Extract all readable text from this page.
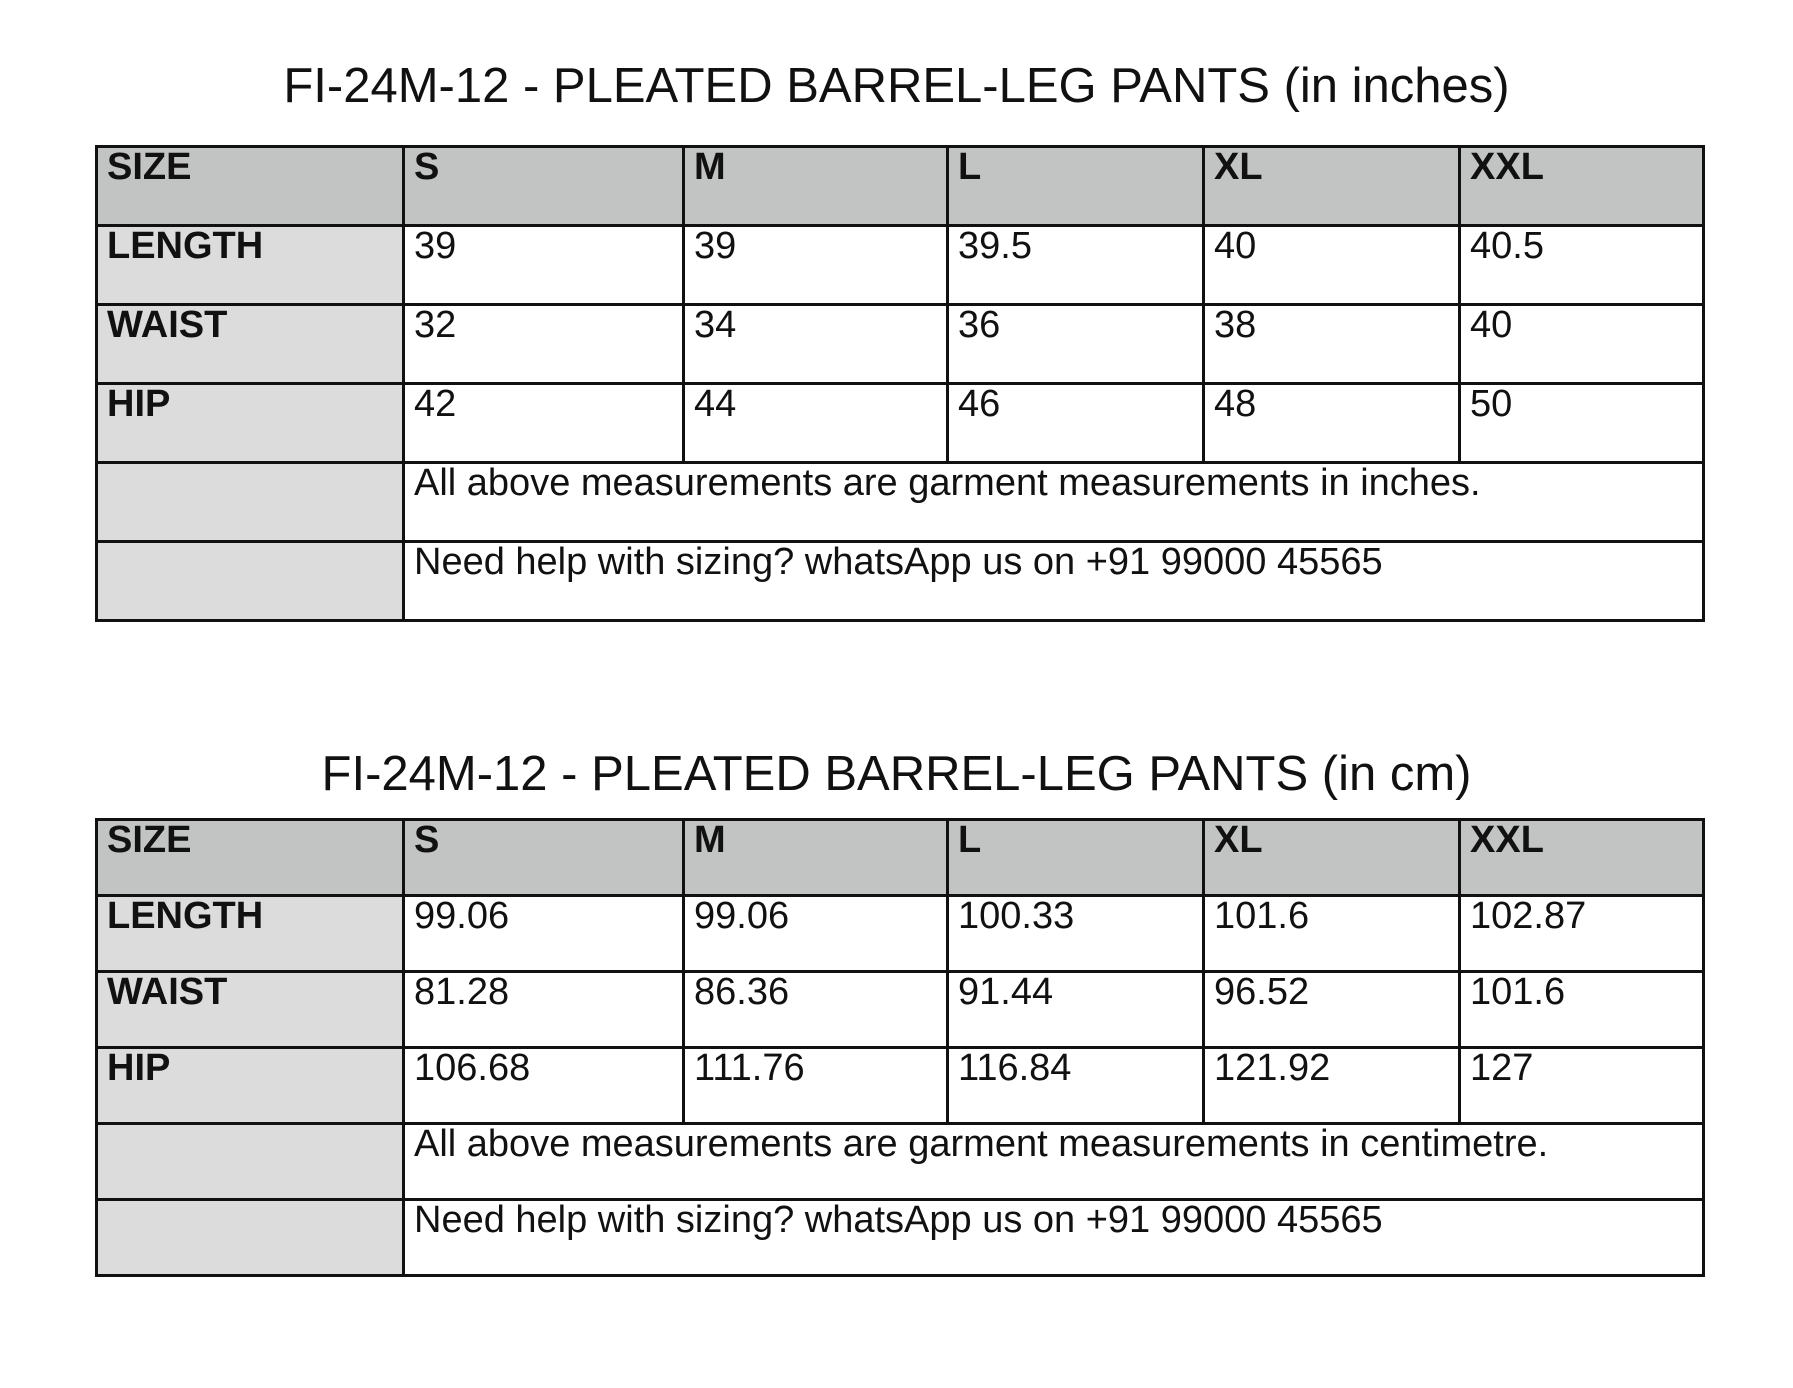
FI-24M-12 - PLEATED BARREL-LEG PANTS (in inches)
SIZE	S	M	L	XL	XXL
LENGTH	39	39	39.5	40	40.5
WAIST	32	34	36	38	40
HIP	42	44	46	48	50
	All above measurements are garment measurements in inches.				
	Need help with sizing? whatsApp us on +91 99000 45565				
FI-24M-12 - PLEATED BARREL-LEG PANTS (in cm)
SIZE	S	M	L	XL	XXL
LENGTH	99.06	99.06	100.33	101.6	102.87
WAIST	81.28	86.36	91.44	96.52	101.6
HIP	106.68	111.76	116.84	121.92	127
	All above measurements are garment measurements in centimetre.				
	Need help with sizing? whatsApp us on +91 99000 45565				
